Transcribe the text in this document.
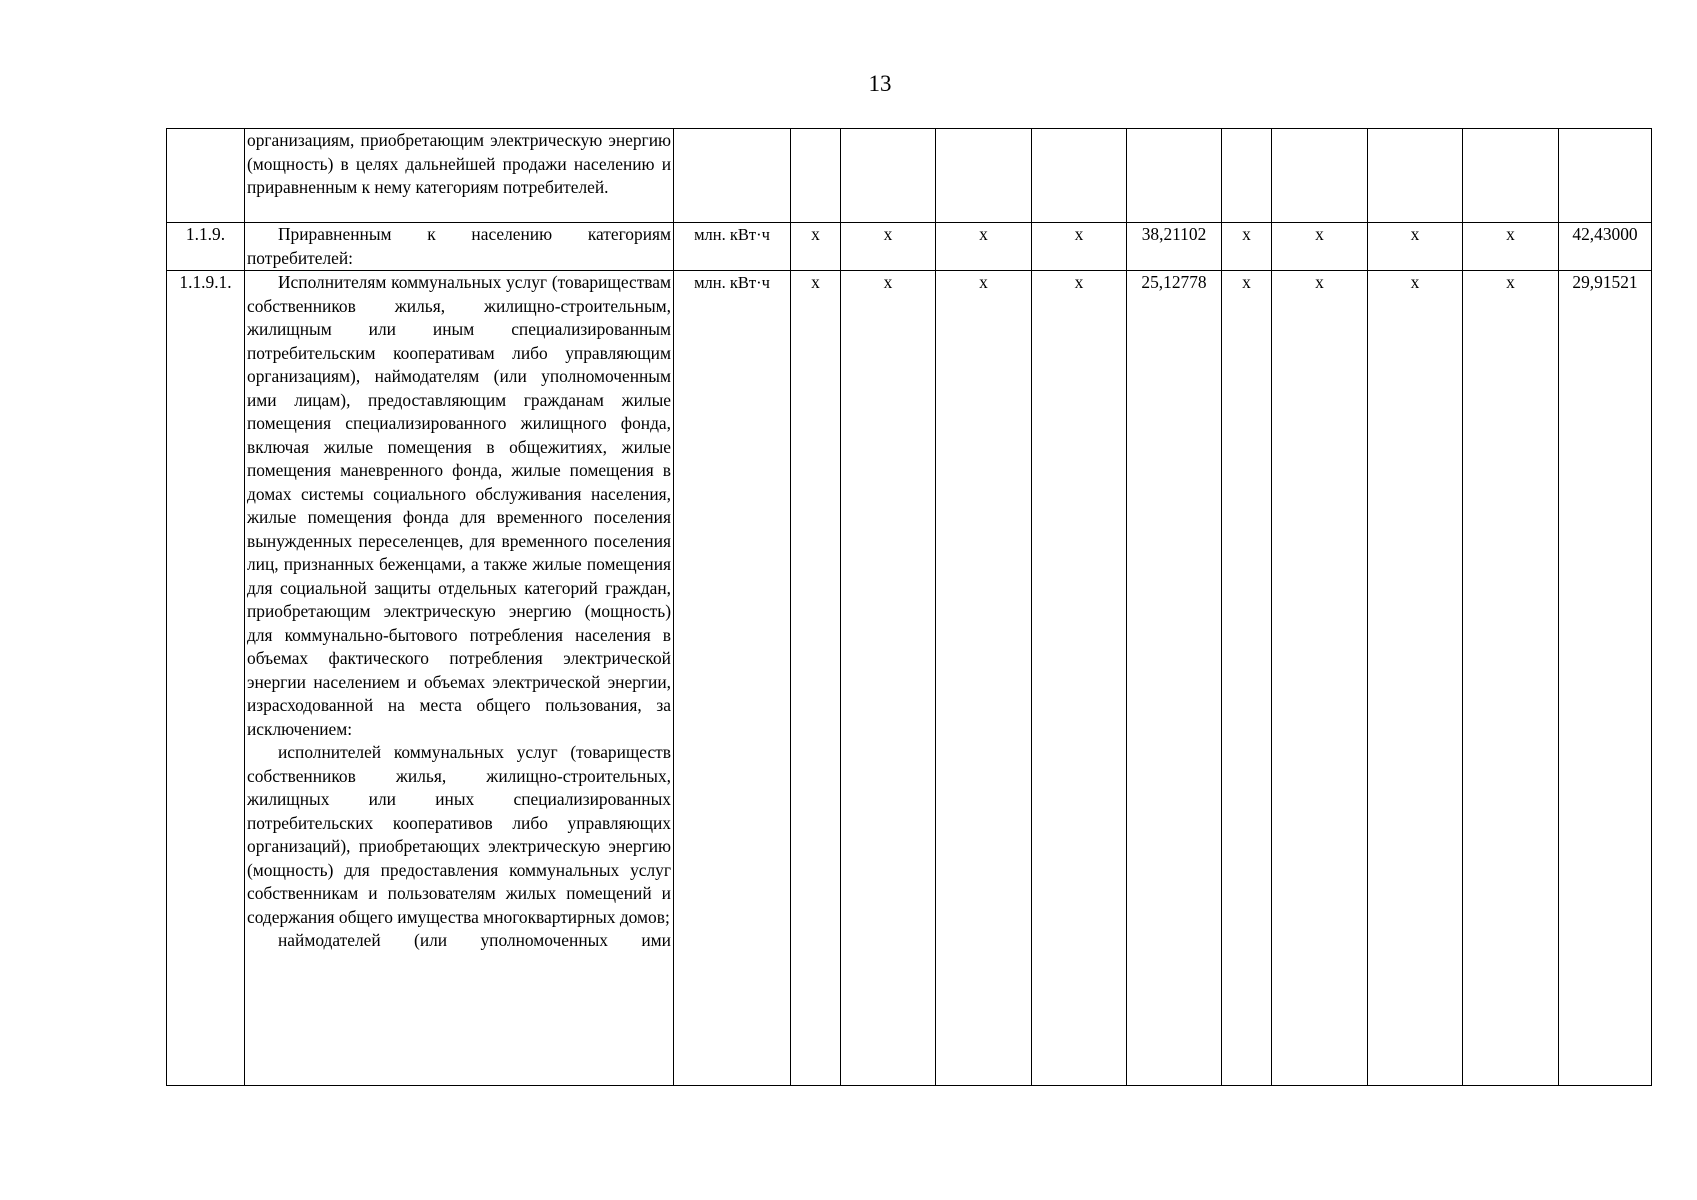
13

	организациям, приобретающим электрическую энергию (мощность) в целях дальнейшей продажи населению и приравненным к нему категориям потребителей.											

1.1.9.	Приравненным к населению категориям потребителей:	млн. кВт·ч	х	х	х	х	38,21102	х	х	х	х	42,43000
1.1.9.1.	Исполнителям коммунальных услуг (товариществам собственников жилья, жилищно-строительным, жилищным или иным специализированным потребительским кооперативам либо управляющим организациям), наймодателям (или уполномоченным ими лицам), предоставляющим гражданам жилые помещения специализированного жилищного фонда, включая жилые помещения в общежитиях, жилые помещения маневренного фонда, жилые помещения в домах системы социального обслуживания населения, жилые помещения фонда для временного поселения вынужденных переселенцев, для временного поселения лиц, признанных беженцами, а также жилые помещения для социальной защиты отдельных категорий граждан, приобретающим электрическую энергию (мощность) для коммунально-бытового потребления населения в объемах фактического потребления электрической энергии населением и объемах электрической энергии, израсходованной на места общего пользования, за исключением:
исполнителей коммунальных услуг (товариществ собственников жилья, жилищно-строительных, жилищных или иных специализированных потребительских кооперативов либо управляющих организаций), приобретающих электрическую энергию (мощность) для предоставления коммунальных услуг собственникам и пользователям жилых помещений и содержания общего имущества многоквартирных домов;
наймодателей (или уполномоченных ими	млн. кВт·ч	х	х	х	х	25,12778	х	х	х	х	29,91521
